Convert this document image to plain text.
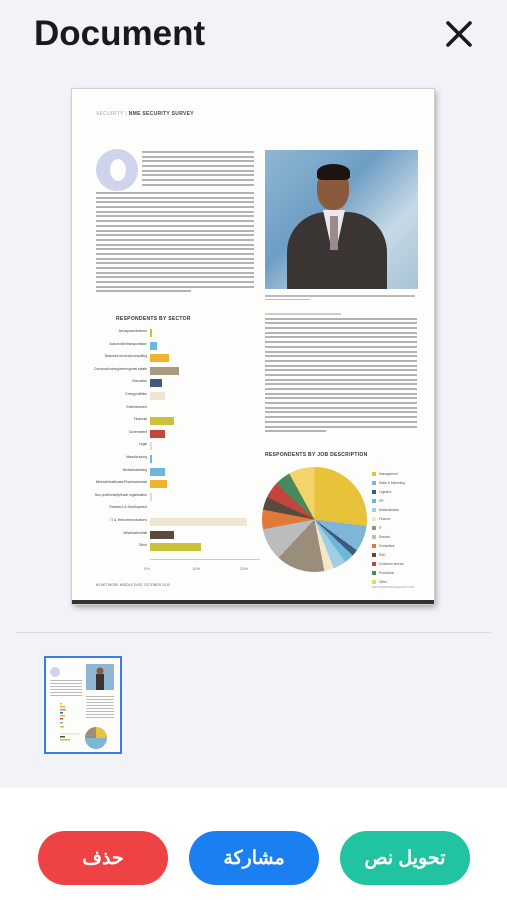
Document
SECURITY | NME SECURITY SURVEY
RESPONDENTS BY SECTOR
Aerospace/defence
Automotive/transportation
Business services/consulting
Construction/engineering/real estate
Education
Energy/utilities
Entertainment
Financial
Government
Legal
Manufacturing
Media/marketing
Medical/healthcare/Pharmaceutical
Non profit/charity/trade organisation
Research & Development
IT & Telecommunications
Wholesale/retail
Other
0%	10%	20%
RESPONDENTS BY JOB DESCRIPTION
Management
Sales & Marketing
Logistics
HR
Administration
Finance
IT
Director
Consultant
R&D
Customer service
Production
Other
64 NETWORK MIDDLE EAST OCTOBER 2010	NETWORKMIDDLEEAST.COM
حذف	مشاركة	تحويل نص
